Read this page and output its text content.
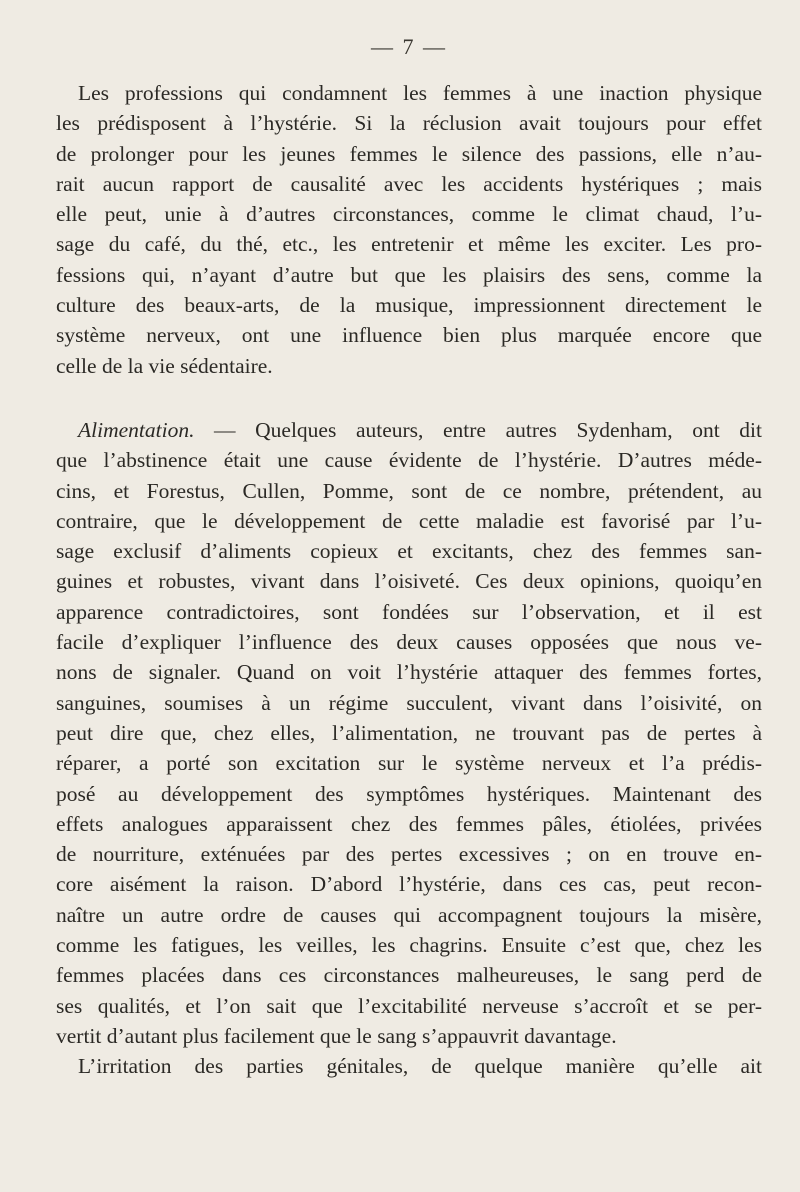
— 7 —
Les professions qui condamnent les femmes à une inaction physique
les prédisposent à l’hystérie. Si la réclusion avait toujours pour effet
de prolonger pour les jeunes femmes le silence des passions, elle n’au-
rait aucun rapport de causalité avec les accidents hystériques ; mais
elle peut, unie à d’autres circonstances, comme le climat chaud, l’u-
sage du café, du thé, etc., les entretenir et même les exciter. Les pro-
fessions qui, n’ayant d’autre but que les plaisirs des sens, comme la
culture des beaux-arts, de la musique, impressionnent directement le
système nerveux, ont une influence bien plus marquée encore que
celle de la vie sédentaire.
Alimentation. — Quelques auteurs, entre autres Sydenham, ont dit
que l’abstinence était une cause évidente de l’hystérie. D’autres méde-
cins, et Forestus, Cullen, Pomme, sont de ce nombre, prétendent, au
contraire, que le développement de cette maladie est favorisé par l’u-
sage exclusif d’aliments copieux et excitants, chez des femmes san-
guines et robustes, vivant dans l’oisiveté. Ces deux opinions, quoiqu’en
apparence contradictoires, sont fondées sur l’observation, et il est
facile d’expliquer l’influence des deux causes opposées que nous ve-
nons de signaler. Quand on voit l’hystérie attaquer des femmes fortes,
sanguines, soumises à un régime succulent, vivant dans l’oisivité, on
peut dire que, chez elles, l’alimentation, ne trouvant pas de pertes à
réparer, a porté son excitation sur le système nerveux et l’a prédis-
posé au développement des symptômes hystériques. Maintenant des
effets analogues apparaissent chez des femmes pâles, étiolées, privées
de nourriture, exténuées par des pertes excessives ; on en trouve en-
core aisément la raison. D’abord l’hystérie, dans ces cas, peut recon-
naître un autre ordre de causes qui accompagnent toujours la misère,
comme les fatigues, les veilles, les chagrins. Ensuite c’est que, chez les
femmes placées dans ces circonstances malheureuses, le sang perd de
ses qualités, et l’on sait que l’excitabilité nerveuse s’accroît et se per-
vertit d’autant plus facilement que le sang s’appauvrit davantage.
L’irritation des parties génitales, de quelque manière qu’elle ait
